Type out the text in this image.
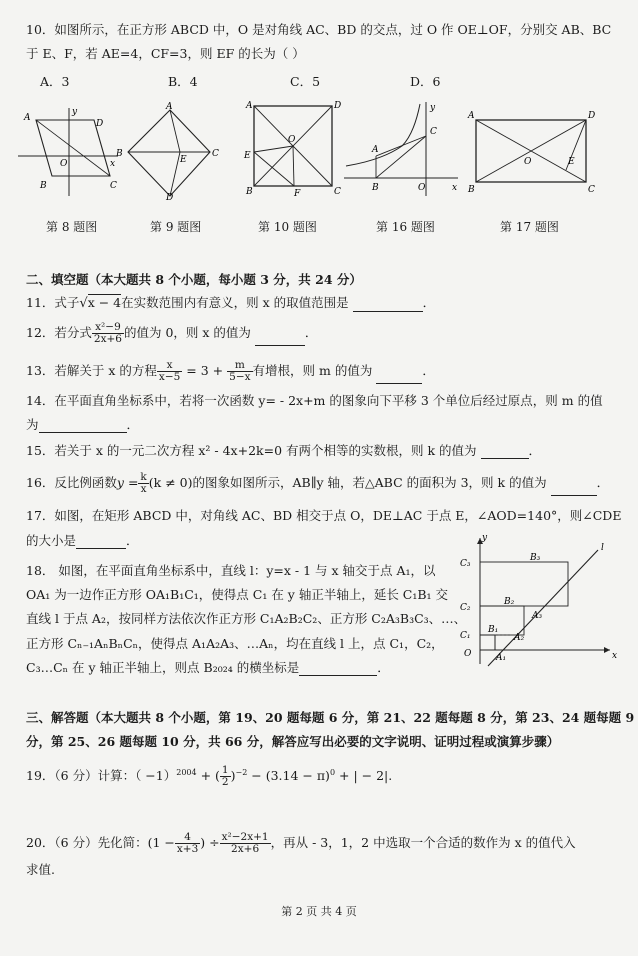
10．如图所示，在正方形 ABCD 中，O 是对角线 AC、BD 的交点，过 O 作 OE⊥OF，分别交 AB、BC
于 E、F，若 AE=4，CF=3，则 EF 的长为（ ）
A．3	B．4	C．5	D．6
A
D
B	C
O	x
y	A
B
E
C
D
A	D
E
O
B	F	C
A
B
C
O	x
y
A	D
B	C
O	E
第 8 题图	第 9 题图	第 10 题图	第 16 题图	第 17 题图
二、填空题（本大题共 8 个小题，每小题 3 分，共 24 分）
11．式子√x − 4在实数范围内有意义，则 x 的取值范围是	．
12．若分式 $\frac{\text{x²−9}}{2x+6}$ 的值为 0，则 x 的值为	．
13．若解关于 x 的方程 $\frac{x}{x-5} = 3 + \frac{m}{5-x}$ 有增根，则 m 的值为	．
14．在平面直角坐标系中，若将一次函数 y= - 2x+m 的图象向下平移 3 个单位后经过原点，则 m 的值
为	．
15．若关于 x 的一元二次方程 x² - 4x+2k=0 有两个相等的实数根，则 k 的值为	．
16．反比例函数$y = \frac{k}{x} (k \ne 0)$的图象如图所示，AB∥y 轴，若△ABC 的面积为 3，则 k 的值为	．
17．如图，在矩形 ABCD 中，对角线 AC、BD 相交于点 O，DE⊥AC 于点 E，∠AOD=140°，则∠CDE
的大小是	．
18． 如图，在平面直角坐标系中，直线 l：y=x - 1 与 x 轴交于点 A₁，以
OA₁ 为一边作正方形 OA₁B₁C₁，使得点 C₁ 在 y 轴正半轴上，延长 C₁B₁ 交
直线 l 于点 A₂，按同样方法依次作正方形 C₁A₂B₂C₂、正方形 C₂A₃B₃C₃、…、
正方形 Cₙ₋₁AₙBₙCₙ，使得点 A₁A₂A₃、…Aₙ，均在直线 l 上，点 C₁，C₂，
C₃…Cₙ 在 y 轴正半轴上，则点 B₂₀₂₄ 的横坐标是	．
O	x
y
l
A₁
C₁
B₁
A₂
C₂
B₂
A₃
C₃
B₃
三、解答题（本大题共 8 个小题，第 19、20 题每题 6 分，第 21、22 题每题 8 分，第 23、24 题每题 9
分，第 25、26 题每题 10 分，共 66 分，解答应写出必要的文字说明、证明过程或演算步骤）
19．（6 分）计算：（ −1）$^{2004}$ + ( $\frac{1}{2} )^{-2} - (3.14 - \pi)^0$ + | − 2|.
20．（6 分）先化简：($1 - \frac{4}{x+3}$ ) ÷ $\frac{\text{x²−2x+1}}{2x+6}$ ，再从 - 3，1，2 中选取一个合适的数作为 x 的值代入
求值.
第 2 页 共 4 页
